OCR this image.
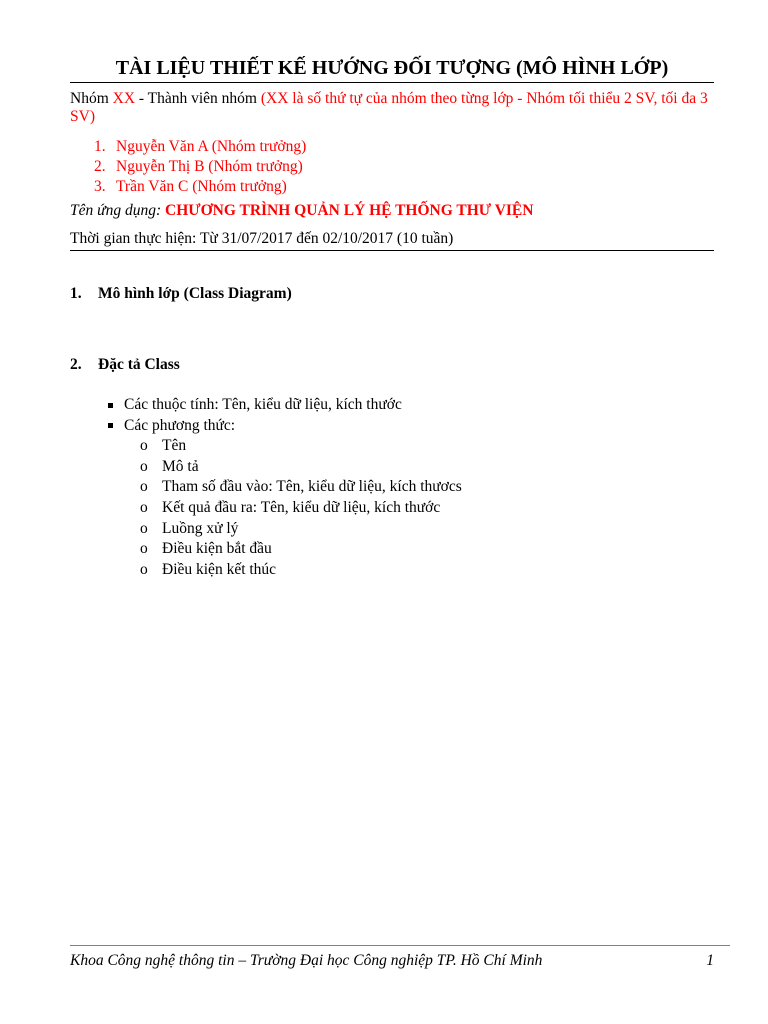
TÀI LIỆU THIẾT KẾ HƯỚNG ĐỐI TƯỢNG (MÔ HÌNH LỚP)
Nhóm XX - Thành viên nhóm (XX là số thứ tự của nhóm theo từng lớp - Nhóm tối thiểu 2 SV, tối đa 3 SV)
1. Nguyễn Văn A (Nhóm trưởng)
2. Nguyễn Thị B (Nhóm trưởng)
3. Trần Văn C (Nhóm trưởng)
Tên ứng dụng: CHƯƠNG TRÌNH QUẢN LÝ HỆ THỐNG THƯ VIỆN
Thời gian thực hiện: Từ 31/07/2017 đến 02/10/2017 (10 tuần)
1. Mô hình lớp (Class Diagram)
2. Đặc tả Class
Các thuộc tính: Tên, kiểu dữ liệu, kích thước
Các phương thức:
o Tên
o Mô tả
o Tham số đầu vào: Tên, kiểu dữ liệu, kích thươcs
o Kết quả đầu ra: Tên, kiểu dữ liệu, kích thước
o Luồng xử lý
o Điều kiện bắt đầu
o Điều kiện kết thúc
Khoa Công nghệ thông tin – Trường Đại học Công nghiệp TP. Hồ Chí Minh	1
